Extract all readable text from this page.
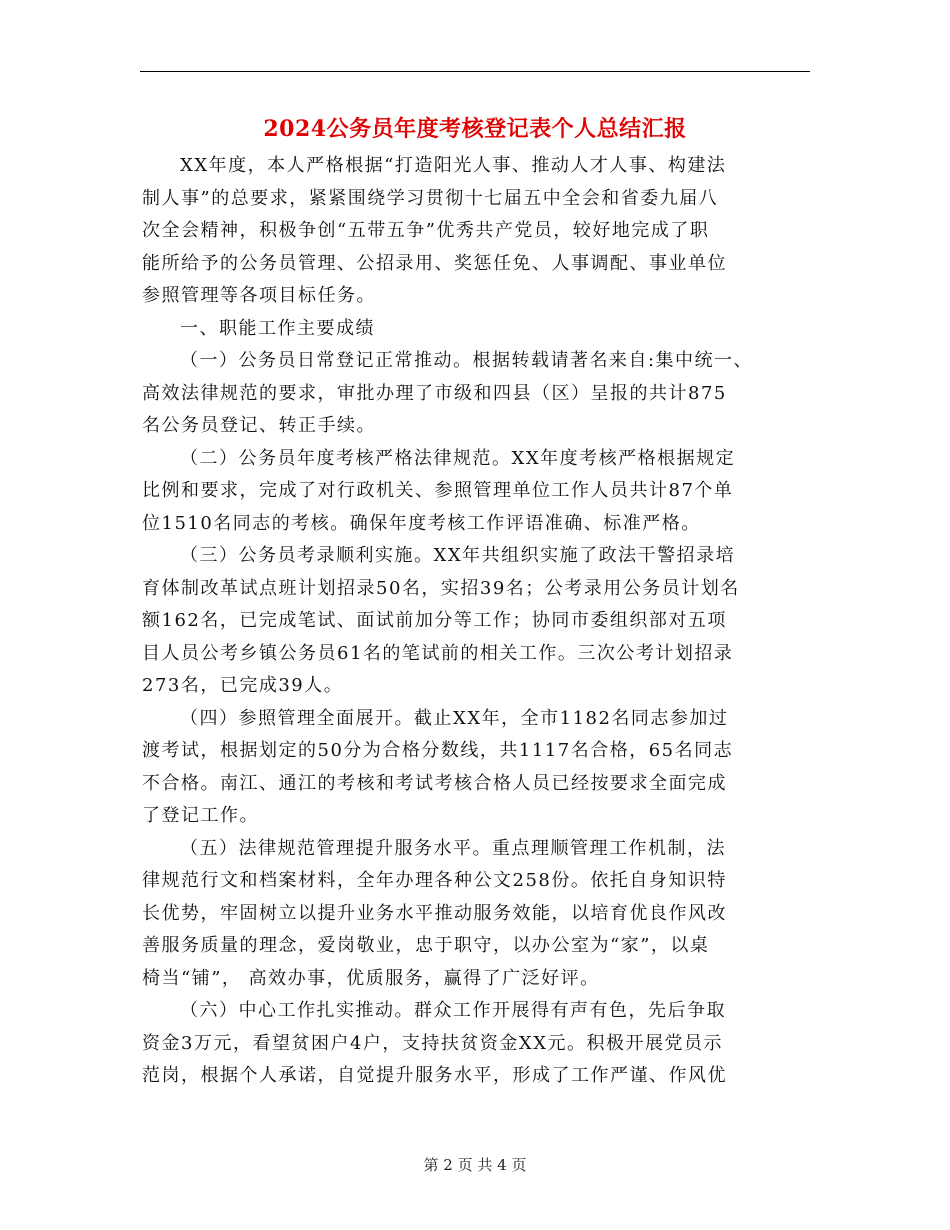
2024公务员年度考核登记表个人总结汇报
XX年度，本人严格根据“打造阳光人事、推动人才人事、构建法
制人事”的总要求，紧紧围绕学习贯彻十七届五中全会和省委九届八
次全会精神，积极争创“五带五争”优秀共产党员，较好地完成了职
能所给予的公务员管理、公招录用、奖惩任免、人事调配、事业单位
参照管理等各项目标任务。
一、职能工作主要成绩
（一）公务员日常登记正常推动。根据转载请著名来自:集中统一、
高效法律规范的要求，审批办理了市级和四县（区）呈报的共计875
名公务员登记、转正手续。
（二）公务员年度考核严格法律规范。XX年度考核严格根据规定
比例和要求，完成了对行政机关、参照管理单位工作人员共计87个单
位1510名同志的考核。确保年度考核工作评语准确、标准严格。
（三）公务员考录顺利实施。XX年共组织实施了政法干警招录培
育体制改革试点班计划招录50名，实招39名；公考录用公务员计划名
额162名，已完成笔试、面试前加分等工作；协同市委组织部对五项
目人员公考乡镇公务员61名的笔试前的相关工作。三次公考计划招录
273名，已完成39人。
（四）参照管理全面展开。截止XX年，全市1182名同志参加过
渡考试，根据划定的50分为合格分数线，共1117名合格，65名同志
不合格。南江、通江的考核和考试考核合格人员已经按要求全面完成
了登记工作。
（五）法律规范管理提升服务水平。重点理顺管理工作机制，法
律规范行文和档案材料，全年办理各种公文258份。依托自身知识特
长优势，牢固树立以提升业务水平推动服务效能，以培育优良作风改
善服务质量的理念，爱岗敬业，忠于职守，以办公室为“家”，以桌
椅当“铺”， 高效办事，优质服务，赢得了广泛好评。
（六）中心工作扎实推动。群众工作开展得有声有色，先后争取
资金3万元，看望贫困户4户，支持扶贫资金XX元。积极开展党员示
范岗，根据个人承诺，自觉提升服务水平，形成了工作严谨、作风优
第 2 页 共 4 页
